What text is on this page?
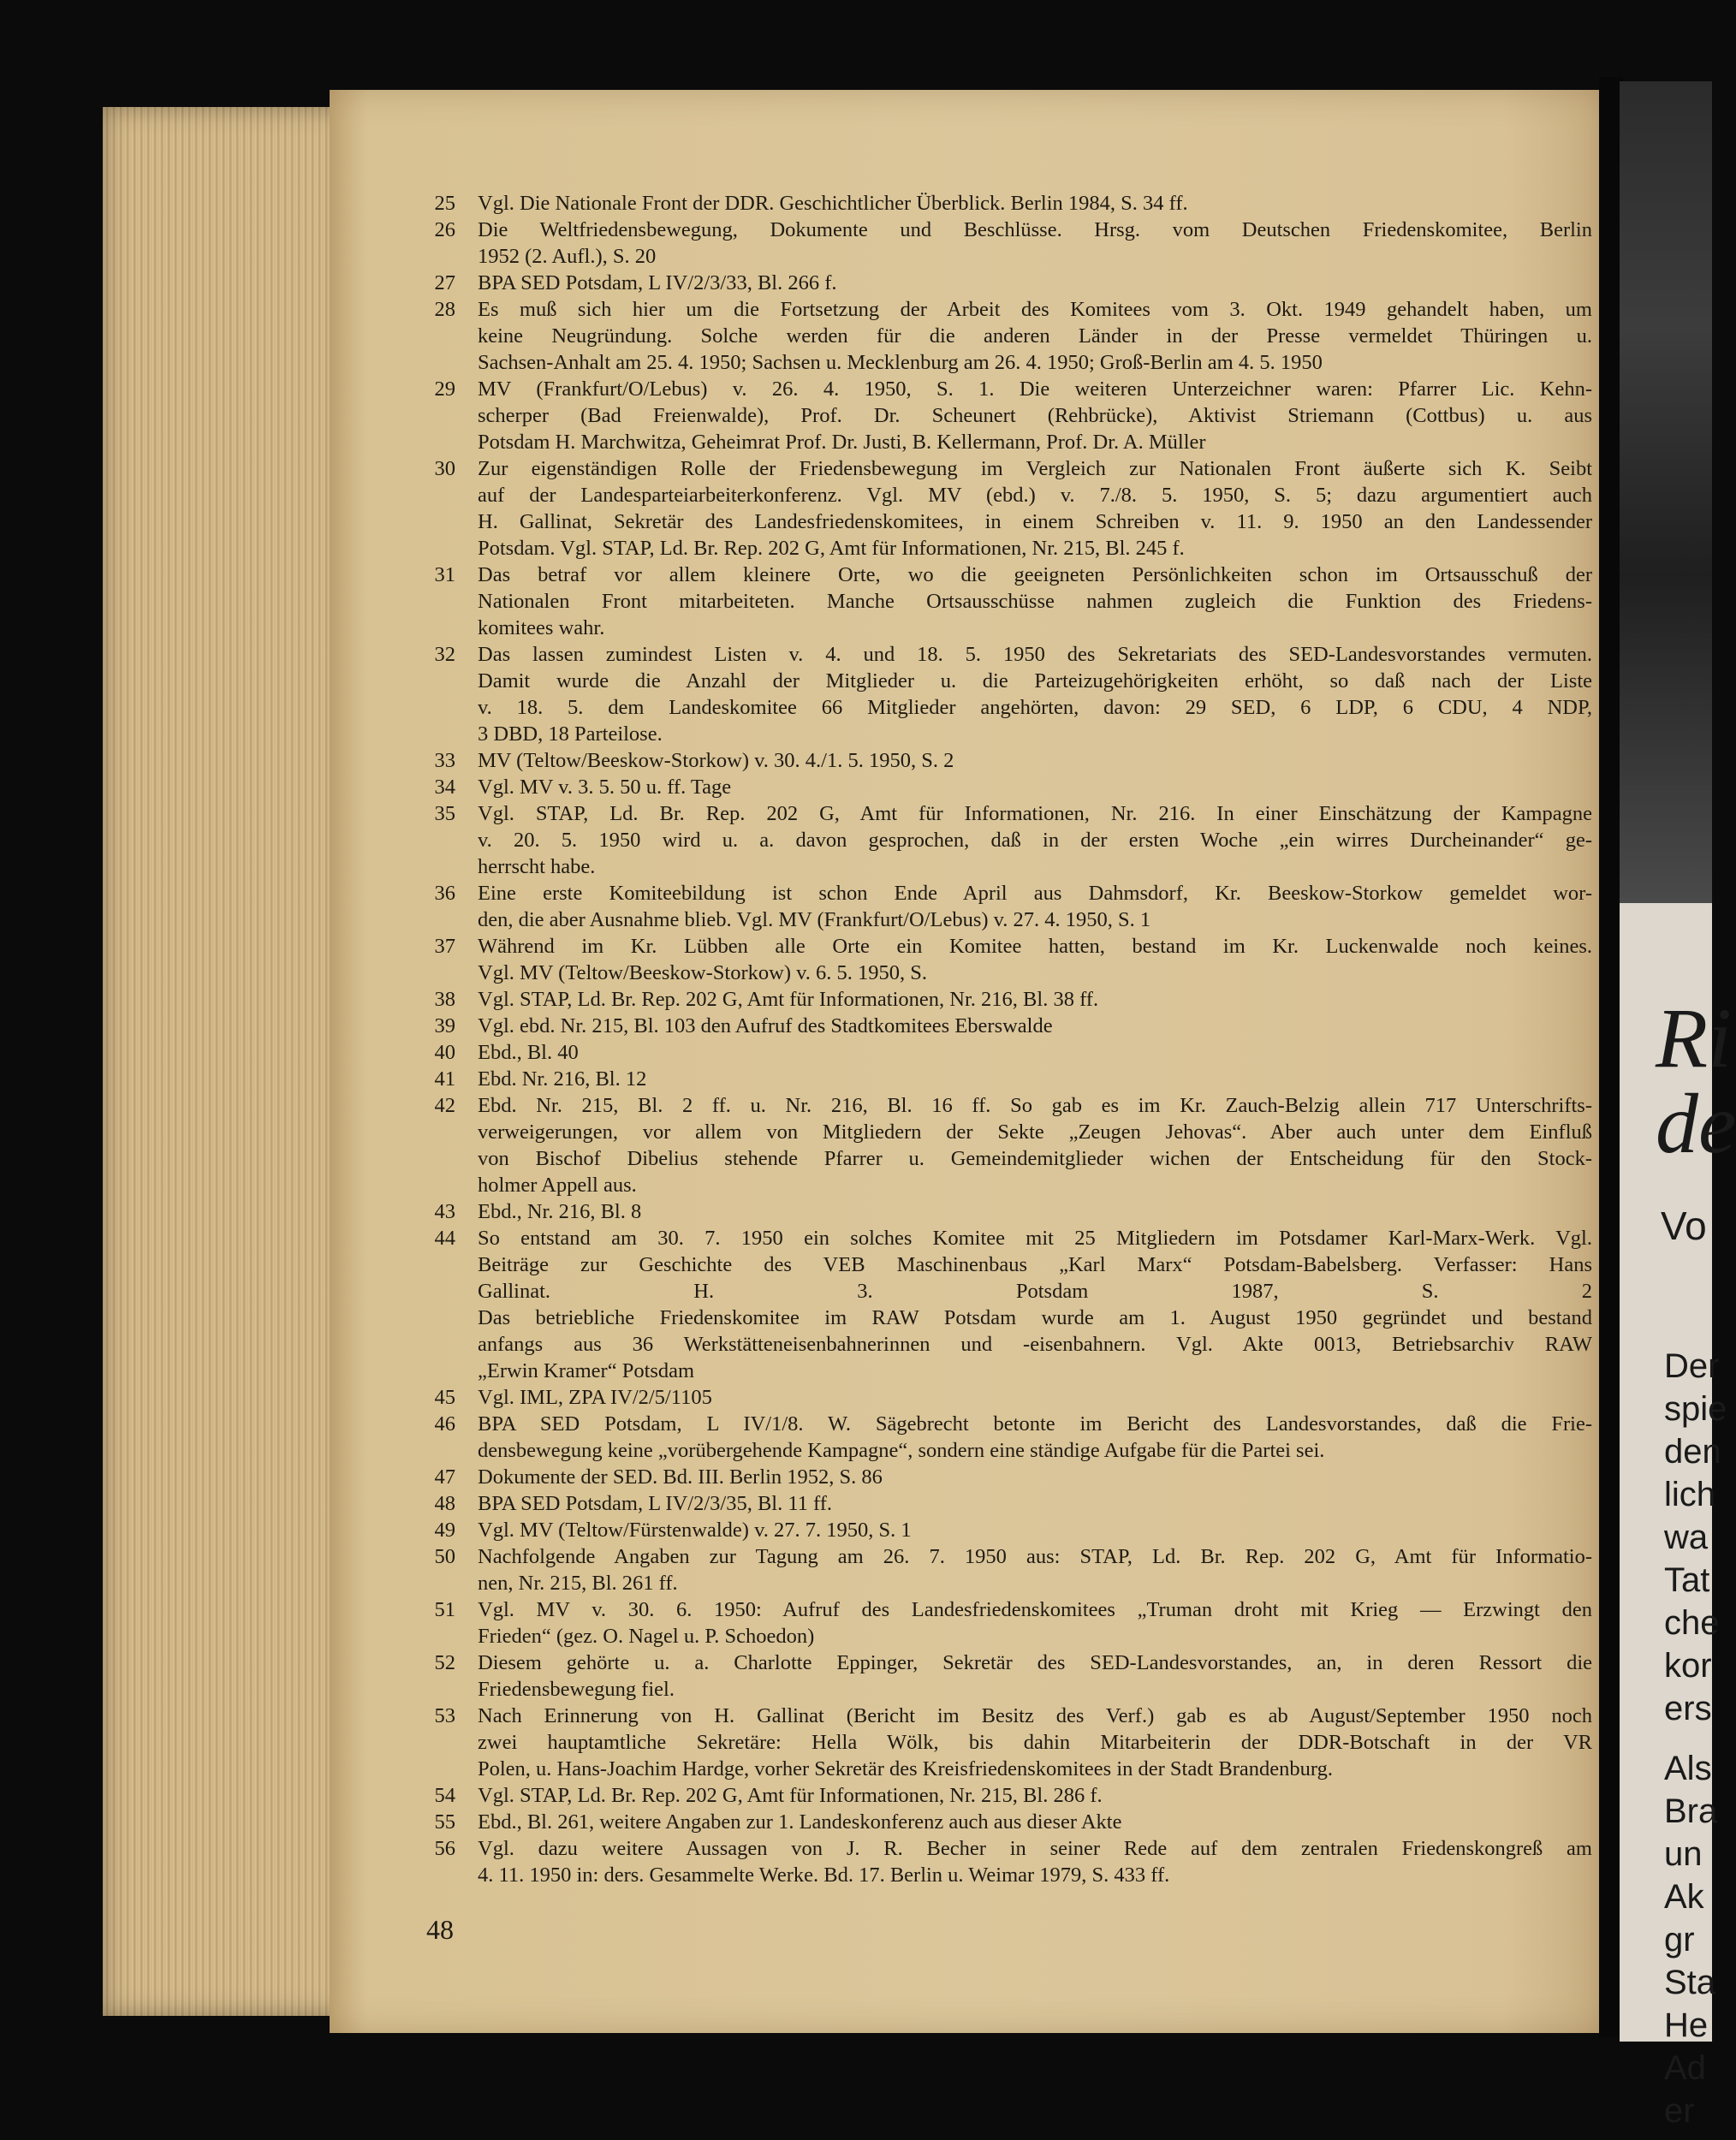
Ri
de
Vo
Der
spie
den
lich
wa
Tat
che
kor
ers
Als
Bra
un
Ak
gr
Sta
He
Ad
er
25 Vgl. Die Nationale Front der DDR. Geschichtlicher Überblick. Berlin 1984, S. 34 ff.
26 Die Weltfriedensbewegung, Dokumente und Beschlüsse. Hrsg. vom Deutschen Friedenskomitee, Berlin
1952 (2. Aufl.), S. 20
27 BPA SED Potsdam, L IV/2/3/33, Bl. 266 f.
28 Es muß sich hier um die Fortsetzung der Arbeit des Komitees vom 3. Okt. 1949 gehandelt haben, um
keine Neugründung. Solche werden für die anderen Länder in der Presse vermeldet Thüringen u.
Sachsen-Anhalt am 25. 4. 1950; Sachsen u. Mecklenburg am 26. 4. 1950; Groß-Berlin am 4. 5. 1950
29 MV (Frankfurt/O/Lebus) v. 26. 4. 1950, S. 1. Die weiteren Unterzeichner waren: Pfarrer Lic. Kehn-
scherper (Bad Freienwalde), Prof. Dr. Scheunert (Rehbrücke), Aktivist Striemann (Cottbus) u. aus
Potsdam H. Marchwitza, Geheimrat Prof. Dr. Justi, B. Kellermann, Prof. Dr. A. Müller
30 Zur eigenständigen Rolle der Friedensbewegung im Vergleich zur Nationalen Front äußerte sich K. Seibt
auf der Landesparteiarbeiterkonferenz. Vgl. MV (ebd.) v. 7./8. 5. 1950, S. 5; dazu argumentiert auch
H. Gallinat, Sekretär des Landesfriedenskomitees, in einem Schreiben v. 11. 9. 1950 an den Landessender
Potsdam. Vgl. STAP, Ld. Br. Rep. 202 G, Amt für Informationen, Nr. 215, Bl. 245 f.
31 Das betraf vor allem kleinere Orte, wo die geeigneten Persönlichkeiten schon im Ortsausschuß der
Nationalen Front mitarbeiteten. Manche Ortsausschüsse nahmen zugleich die Funktion des Friedens-
komitees wahr.
32 Das lassen zumindest Listen v. 4. und 18. 5. 1950 des Sekretariats des SED-Landesvorstandes vermuten.
Damit wurde die Anzahl der Mitglieder u. die Parteizugehörigkeiten erhöht, so daß nach der Liste
v. 18. 5. dem Landeskomitee 66 Mitglieder angehörten, davon: 29 SED, 6 LDP, 6 CDU, 4 NDP,
3 DBD, 18 Parteilose.
33 MV (Teltow/Beeskow-Storkow) v. 30. 4./1. 5. 1950, S. 2
34 Vgl. MV v. 3. 5. 50 u. ff. Tage
35 Vgl. STAP, Ld. Br. Rep. 202 G, Amt für Informationen, Nr. 216. In einer Einschätzung der Kampagne
v. 20. 5. 1950 wird u. a. davon gesprochen, daß in der ersten Woche „ein wirres Durcheinander“ ge-
herrscht habe.
36 Eine erste Komiteebildung ist schon Ende April aus Dahmsdorf, Kr. Beeskow-Storkow gemeldet wor-
den, die aber Ausnahme blieb. Vgl. MV (Frankfurt/O/Lebus) v. 27. 4. 1950, S. 1
37 Während im Kr. Lübben alle Orte ein Komitee hatten, bestand im Kr. Luckenwalde noch keines.
Vgl. MV (Teltow/Beeskow-Storkow) v. 6. 5. 1950, S.
38 Vgl. STAP, Ld. Br. Rep. 202 G, Amt für Informationen, Nr. 216, Bl. 38 ff.
39 Vgl. ebd. Nr. 215, Bl. 103 den Aufruf des Stadtkomitees Eberswalde
40 Ebd., Bl. 40
41 Ebd. Nr. 216, Bl. 12
42 Ebd. Nr. 215, Bl. 2 ff. u. Nr. 216, Bl. 16 ff. So gab es im Kr. Zauch-Belzig allein 717 Unterschrifts-
verweigerungen, vor allem von Mitgliedern der Sekte „Zeugen Jehovas“. Aber auch unter dem Einfluß
von Bischof Dibelius stehende Pfarrer u. Gemeindemitglieder wichen der Entscheidung für den Stock-
holmer Appell aus.
43 Ebd., Nr. 216, Bl. 8
44 So entstand am 30. 7. 1950 ein solches Komitee mit 25 Mitgliedern im Potsdamer Karl-Marx-Werk. Vgl.
Beiträge zur Geschichte des VEB Maschinenbaus „Karl Marx“ Potsdam-Babelsberg. Verfasser: Hans
Gallinat. H. 3. Potsdam 1987, S. 2
Das betriebliche Friedenskomitee im RAW Potsdam wurde am 1. August 1950 gegründet und bestand
anfangs aus 36 Werkstätteneisenbahnerinnen und -eisenbahnern. Vgl. Akte 0013, Betriebsarchiv RAW
„Erwin Kramer“ Potsdam
45 Vgl. IML, ZPA IV/2/5/1105
46 BPA SED Potsdam, L IV/1/8. W. Sägebrecht betonte im Bericht des Landesvorstandes, daß die Frie-
densbewegung keine „vorübergehende Kampagne“, sondern eine ständige Aufgabe für die Partei sei.
47 Dokumente der SED. Bd. III. Berlin 1952, S. 86
48 BPA SED Potsdam, L IV/2/3/35, Bl. 11 ff.
49 Vgl. MV (Teltow/Fürstenwalde) v. 27. 7. 1950, S. 1
50 Nachfolgende Angaben zur Tagung am 26. 7. 1950 aus: STAP, Ld. Br. Rep. 202 G, Amt für Informatio-
nen, Nr. 215, Bl. 261 ff.
51 Vgl. MV v. 30. 6. 1950: Aufruf des Landesfriedenskomitees „Truman droht mit Krieg — Erzwingt den
Frieden“ (gez. O. Nagel u. P. Schoedon)
52 Diesem gehörte u. a. Charlotte Eppinger, Sekretär des SED-Landesvorstandes, an, in deren Ressort die
Friedensbewegung fiel.
53 Nach Erinnerung von H. Gallinat (Bericht im Besitz des Verf.) gab es ab August/September 1950 noch
zwei hauptamtliche Sekretäre: Hella Wölk, bis dahin Mitarbeiterin der DDR-Botschaft in der VR
Polen, u. Hans-Joachim Hardge, vorher Sekretär des Kreisfriedenskomitees in der Stadt Brandenburg.
54 Vgl. STAP, Ld. Br. Rep. 202 G, Amt für Informationen, Nr. 215, Bl. 286 f.
55 Ebd., Bl. 261, weitere Angaben zur 1. Landeskonferenz auch aus dieser Akte
56 Vgl. dazu weitere Aussagen von J. R. Becher in seiner Rede auf dem zentralen Friedenskongreß am
4. 11. 1950 in: ders. Gesammelte Werke. Bd. 17. Berlin u. Weimar 1979, S. 433 ff.
48
